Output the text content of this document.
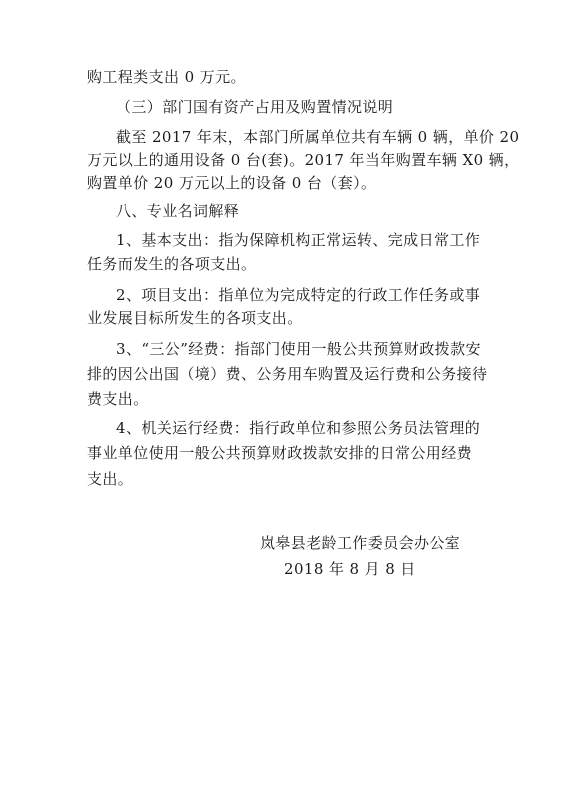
购工程类支出 0 万元。
（三）部门国有资产占用及购置情况说明
截至 2017 年末，本部门所属单位共有车辆 0 辆，单价 20
万元以上的通用设备 0 台(套)。2017 年当年购置车辆 X0 辆，
购置单价 20 万元以上的设备 0 台（套）。
八、专业名词解释
1、基本支出：指为保障机构正常运转、完成日常工作
任务而发生的各项支出。
2、项目支出：指单位为完成特定的行政工作任务或事
业发展目标所发生的各项支出。
3、“三公”经费：指部门使用一般公共预算财政拨款安
排的因公出国（境）费、公务用车购置及运行费和公务接待
费支出。
4、机关运行经费：指行政单位和参照公务员法管理的
事业单位使用一般公共预算财政拨款安排的日常公用经费
支出。
岚皋县老龄工作委员会办公室
2018 年 8 月 8 日
